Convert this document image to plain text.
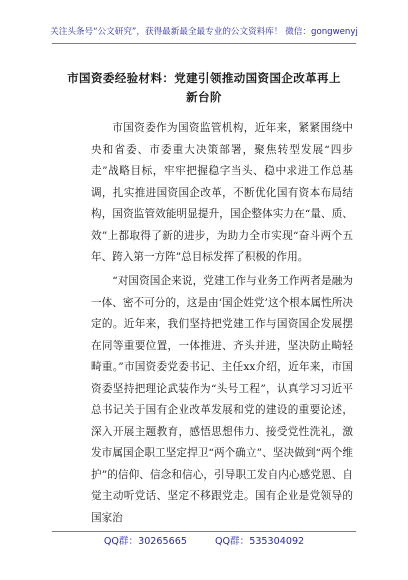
关注头条号“公文研究”，获得最新最全最专业的公文资料库！ 微信：gongwenyj
市国资委经验材料：党建引领推动国资国企改革再上新台阶

市国资委作为国资监管机构，近年来，紧紧围绕中央和省委、市委重大决策部署，聚焦转型发展“四步走”战略目标，牢牢把握稳字当头、稳中求进工作总基调，扎实推进国资国企改革，不断优化国有资本布局结构，国资监管效能明显提升，国企整体实力在“量、质、效”上都取得了新的进步，为助力全市实现“奋斗两个五年、跨入第一方阵”总目标发挥了积极的作用。

“对国资国企来说，党建工作与业务工作两者是融为一体、密不可分的，这是由‘国企姓党’这个根本属性所决定的。近年来，我们坚持把党建工作与国资国企发展摆在同等重要位置，一体推进、齐头并进，坚决防止畸轻畸重。”市国资委党委书记、主任xx介绍，近年来，市国资委坚持把理论武装作为“头号工程”，认真学习习近平总书记关于国有企业改革发展和党的建设的重要论述，深入开展主题教育，感悟思想伟力、接受党性洗礼，激发市属国企职工坚定捍卫“两个确立”、坚决做到“两个维护”的信仰、信念和信心，引导职工发自内心感党恩、自觉主动听党话、坚定不移跟党走。国有企业是党领导的国家治

QQ群：30265665	QQ群：535304092
